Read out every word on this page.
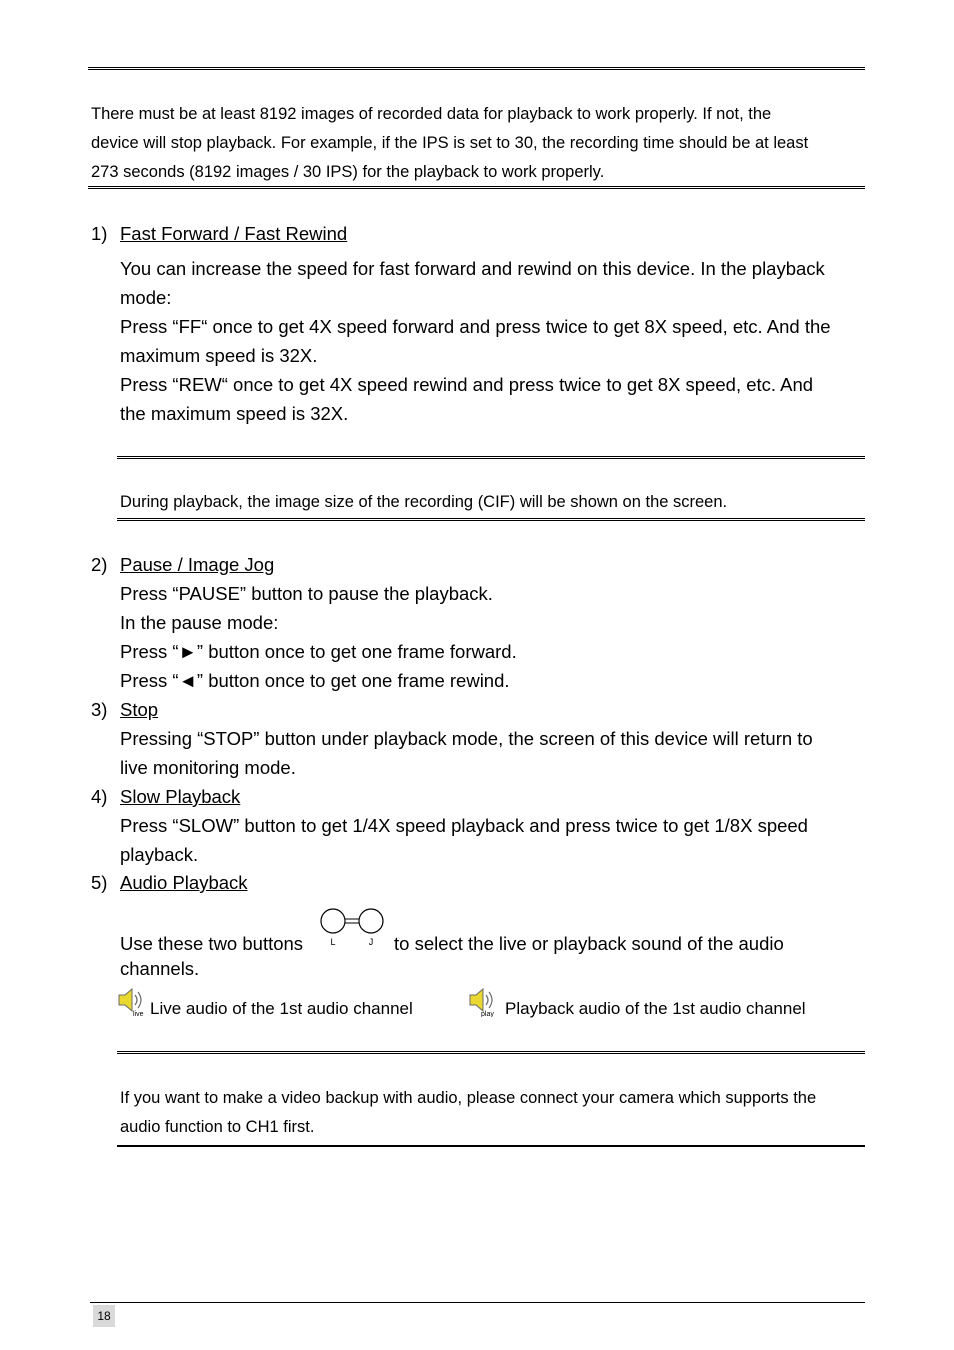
There must be at least 8192 images of recorded data for playback to work properly. If not, the
device will stop playback. For example, if the IPS is set to 30, the recording time should be at least
273 seconds (8192 images / 30 IPS) for the playback to work properly.
1) Fast Forward / Fast Rewind
You can increase the speed for fast forward and rewind on this device. In the playback
mode:
Press “FF“ once to get 4X speed forward and press twice to get 8X speed, etc. And the
maximum speed is 32X.
Press “REW“ once to get 4X speed rewind and press twice to get 8X speed, etc. And
the maximum speed is 32X.
During playback, the image size of the recording (CIF) will be shown on the screen.
2) Pause / Image Jog
Press “PAUSE” button to pause the playback.
In the pause mode:
Press “►” button once to get one frame forward.
Press “◄” button once to get one frame rewind.
3) Stop
Pressing “STOP” button under playback mode, the screen of this device will return to
live monitoring mode.
4) Slow Playback
Press “SLOW” button to get 1/4X speed playback and press twice to get 1/8X speed
playback.
5) Audio Playback
Use these two buttons	L	J to select the live or playback sound of the audio
channels.
live Live audio of the 1st audio channel	play Playback audio of the 1st audio channel
If you want to make a video backup with audio, please connect your camera which supports the
audio function to CH1 first.
18
